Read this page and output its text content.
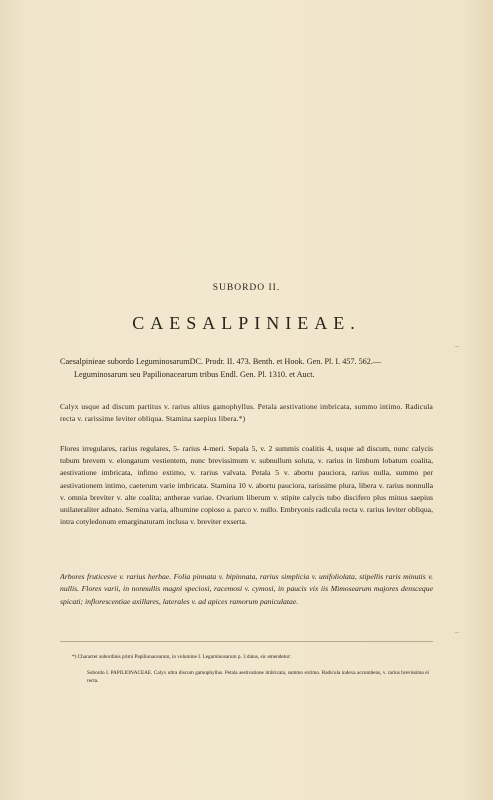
SUBORDO II.
CAESALPINIEAE.
Caesalpinieae subordo LeguminosarumDC. Prodr. II. 473. Benth. et Hook. Gen. Pl. I. 457. 562.—
Leguminosarum seu Papilionacearum tribus Endl. Gen. Pl. 1310. et Auct.
Calyx usque ad discum partitus v. rarius altius gamophyllus. Petala aestivatione imbricata, summo intimo. Radicula recta v. rarissime leviter obliqua. Stamina saepius libera.*)
Flores irregulares, rarius regulares, 5- rarius 4-meri. Sepala 5, v. 2 summis coalitis 4, usque ad discum, nunc calycis tubum brevem v. elongatum vestientem, nunc brevissimum v. subnullum soluta, v. rarius in limbum lobatum coalita, aestivatione imbricata, infimo extimo, v. rarius valvata. Petala 5 v. abortu pauciora, rarius nulla, summo per aestivationem intimo, caeterum varie imbricata. Stamina 10 v. abortu pauciora, rarissime plura, libera v. rarius nonnulla v. omnia breviter v. alte coalita; antherae variae. Ovarium liberum v. stipite calycis tubo discifero plus minus saepius unilateraliter adnato. Semina varia, albumine copioso a. parco v. nullo. Embryonis radicula recta v. rarius leviter obliqua, intra cotyledonum emarginaturam inclusa v. breviter exserta.
Arbores fruticesve v. rarius herbae. Folia pinnata v. bipinnata, rarius simplicia v. unifoliolata, stipellis raris minutis v. nullis. Flores varii, in nonnullis magni speciosi, racemosi v. cymosi, in paucis vix iis Mimosearum majores densceque spicati; inflorescentiae axillares, laterales v. ad apices ramorum paniculatae.
*) Character subordinis primi Papilionacearum, in volumine I. Leguminosarum p. 3 datus, sic emendetur:
Subordo I. PAPILIONACEAE. Calyx ultra discum gamophyllus. Petala aestivatione imbricata, summo extimo. Radicula indexa accumbens, v. rarius brevissima ei recta.
